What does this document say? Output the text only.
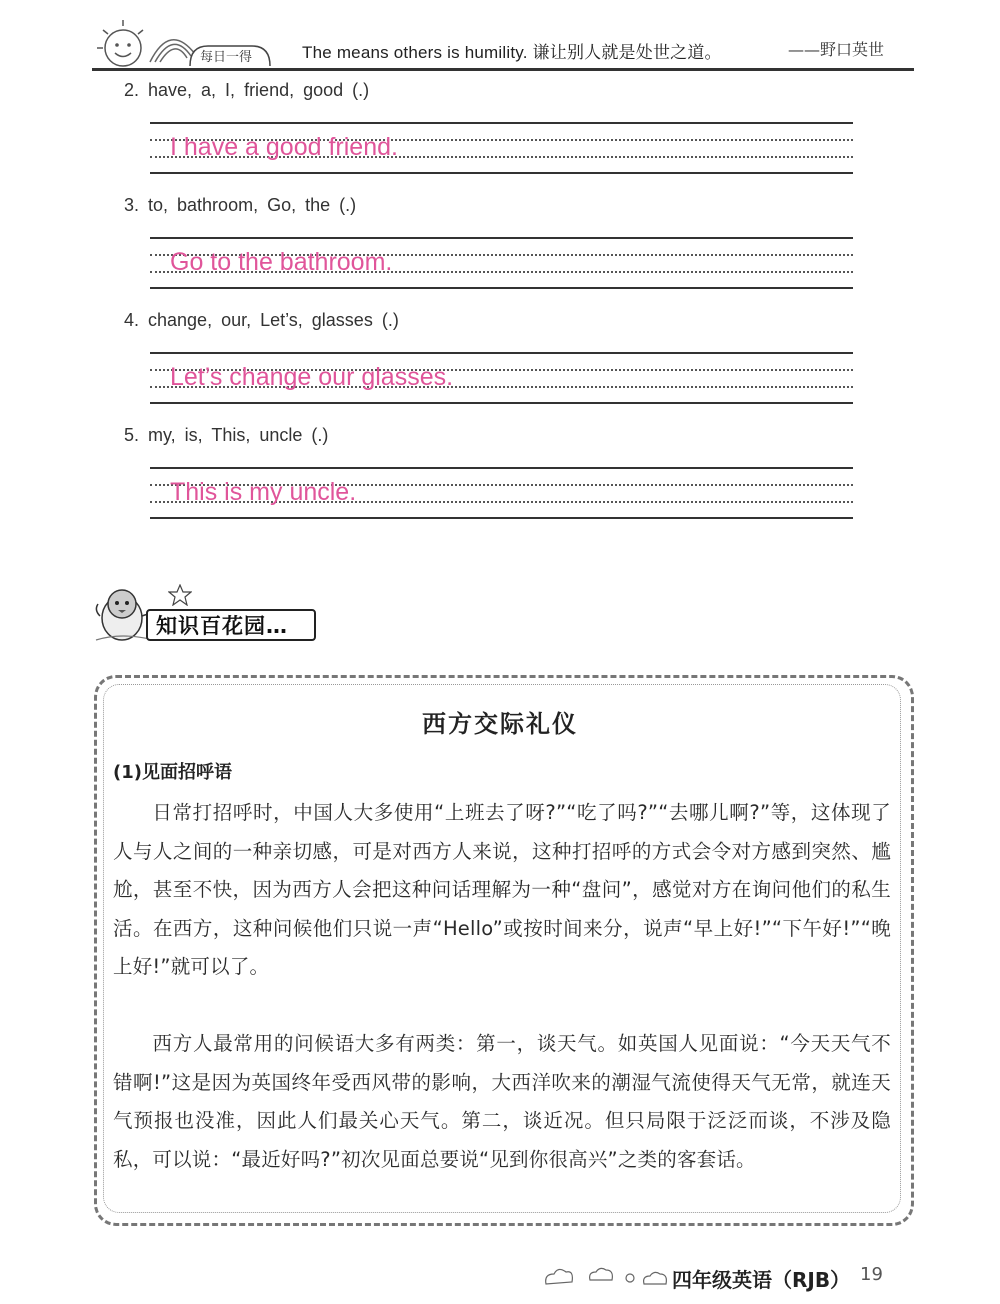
每日一得	The means others is humility. 谦让别人就是处世之道。	——野口英世
2. have, a, I, friend, good (.)
I have a good friend.
3. to, bathroom, Go, the (.)
Go to the bathroom.
4. change, our, Let’s, glasses (.)
Let’s change our glasses.
5. my, is, This, uncle (.)
This is my uncle.
知识百花园…
西方交际礼仪
(1)见面招呼语
日常打招呼时，中国人大多使用“上班去了呀?”“吃了吗?”“去哪儿啊?”等，这体现了人与人之间的一种亲切感，可是对西方人来说，这种打招呼的方式会令对方感到突然、尴尬，甚至不快，因为西方人会把这种问话理解为一种“盘问”，感觉对方在询问他们的私生活。在西方，这种问候他们只说一声“Hello”或按时间来分，说声“早上好!”“下午好!”“晚上好!”就可以了。
西方人最常用的问候语大多有两类：第一，谈天气。如英国人见面说：“今天天气不错啊!”这是因为英国终年受西风带的影响，大西洋吹来的潮湿气流使得天气无常，就连天气预报也没准，因此人们最关心天气。第二，谈近况。但只局限于泛泛而谈，不涉及隐私，可以说：“最近好吗?”初次见面总要说“见到你很高兴”之类的客套话。
四年级英语（RJB） 19
